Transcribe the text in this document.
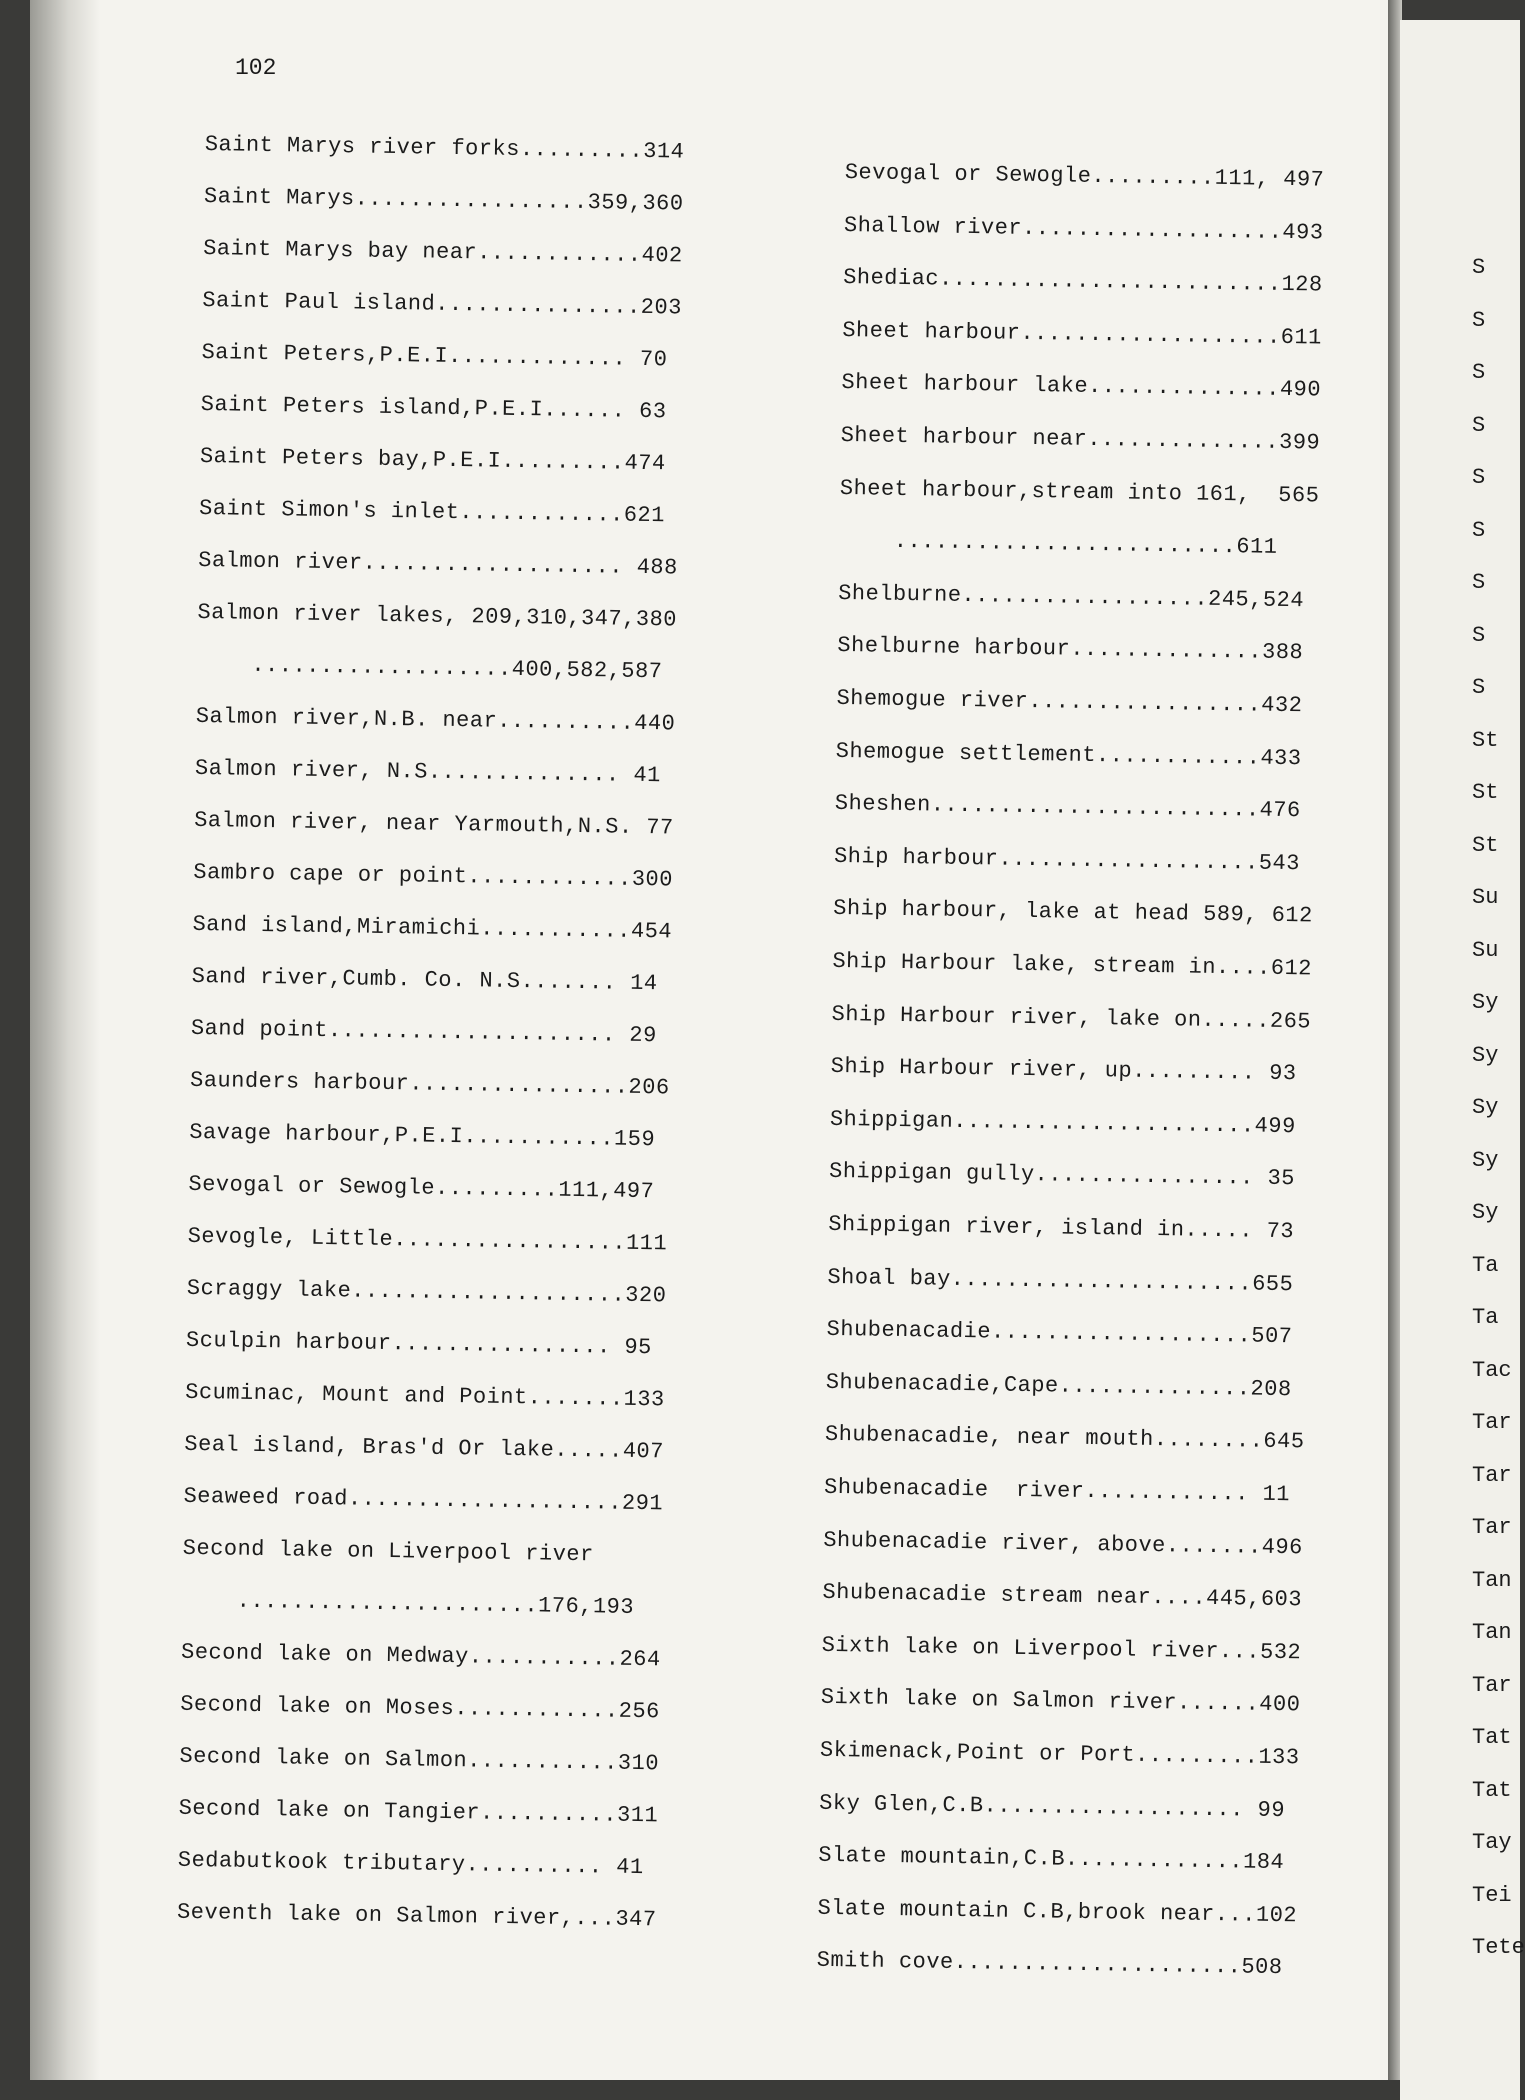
102
Saint Marys river forks.........314
Saint Marys.................359,360
Saint Marys bay near............402
Saint Paul island...............203
Saint Peters,P.E.I............. 70
Saint Peters island,P.E.I...... 63
Saint Peters bay,P.E.I.........474
Saint Simon's inlet............621
Salmon river................... 488
Salmon river lakes, 209,310,347,380
...................400,582,587
Salmon river,N.B. near..........440
Salmon river, N.S.............. 41
Salmon river, near Yarmouth,N.S. 77
Sambro cape or point............300
Sand island,Miramichi...........454
Sand river,Cumb. Co. N.S....... 14
Sand point..................... 29
Saunders harbour................206
Savage harbour,P.E.I...........159
Sevogal or Sewogle.........111,497
Sevogle, Little.................111
Scraggy lake....................320
Sculpin harbour................ 95
Scuminac, Mount and Point.......133
Seal island, Bras'd Or lake.....407
Seaweed road....................291
Second lake on Liverpool river
......................176,193
Second lake on Medway...........264
Second lake on Moses............256
Second lake on Salmon...........310
Second lake on Tangier..........311
Sedabutkook tributary.......... 41
Seventh lake on Salmon river,...347
Sevogal or Sewogle.........111, 497
Shallow river...................493
Shediac.........................128
Sheet harbour...................611
Sheet harbour lake..............490
Sheet harbour near..............399
Sheet harbour,stream into 161,  565
.........................611
Shelburne..................245,524
Shelburne harbour..............388
Shemogue river.................432
Shemogue settlement............433
Sheshen........................476
Ship harbour...................543
Ship harbour, lake at head 589, 612
Ship Harbour lake, stream in....612
Ship Harbour river, lake on.....265
Ship Harbour river, up......... 93
Shippigan......................499
Shippigan gully................ 35
Shippigan river, island in..... 73
Shoal bay......................655
Shubenacadie...................507
Shubenacadie,Cape..............208
Shubenacadie, near mouth........645
Shubenacadie  river............ 11
Shubenacadie river, above.......496
Shubenacadie stream near....445,603
Sixth lake on Liverpool river...532
Sixth lake on Salmon river......400
Skimenack,Point or Port.........133
Sky Glen,C.B................... 99
Slate mountain,C.B.............184
Slate mountain C.B,brook near...102
Smith cove.....................508
S
S
S
S
S
S
S
S
S
St
St
St
Su
Su
Sy
Sy
Sy
Sy
Sy
Ta
Ta
Tac
Tar
Tar
Tar
Tan
Tan
Tar
Tat
Tat
Tay
Tei
Tete
